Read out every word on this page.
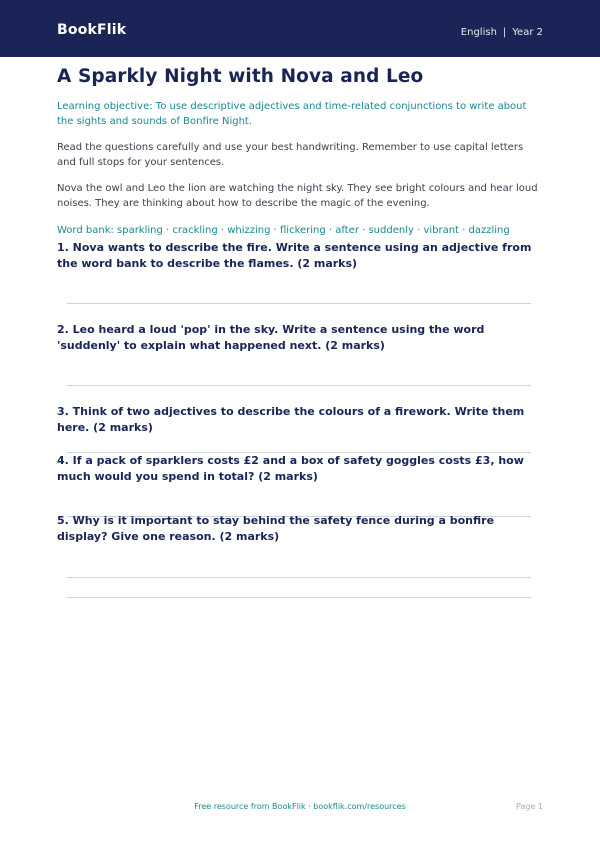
BookFlik	English | Year 2
A Sparkly Night with Nova and Leo
Learning objective: To use descriptive adjectives and time-related conjunctions to write about the sights and sounds of Bonfire Night.
Read the questions carefully and use your best handwriting. Remember to use capital letters and full stops for your sentences.
Nova the owl and Leo the lion are watching the night sky. They see bright colours and hear loud noises. They are thinking about how to describe the magic of the evening.
Word bank: sparkling · crackling · whizzing · flickering · after · suddenly · vibrant · dazzling
1. Nova wants to describe the fire. Write a sentence using an adjective from the word bank to describe the flames. (2 marks)
2. Leo heard a loud 'pop' in the sky. Write a sentence using the word 'suddenly' to explain what happened next. (2 marks)
3. Think of two adjectives to describe the colours of a firework. Write them here. (2 marks)
4. If a pack of sparklers costs £2 and a box of safety goggles costs £3, how much would you spend in total? (2 marks)
5. Why is it important to stay behind the safety fence during a bonfire display? Give one reason. (2 marks)
Free resource from BookFlik · bookflik.com/resources	Page 1
